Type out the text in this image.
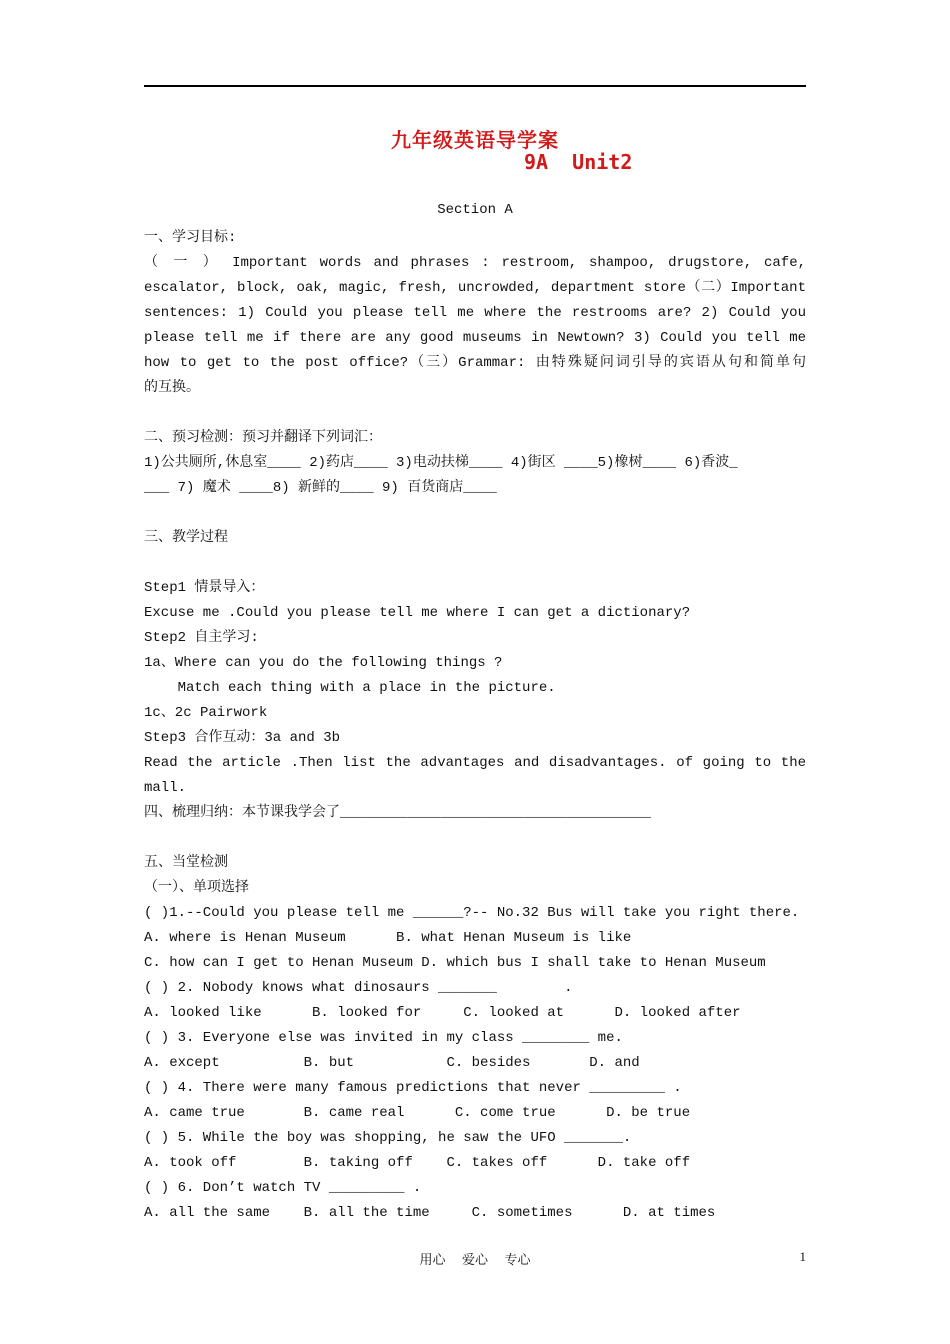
九年级英语导学案
9A  Unit2
Section A
一、学习目标:
（ 一 ） Important words and phrases : restroom, shampoo, drugstore, cafe,
escalator, block, oak, magic, fresh, uncrowded, department store（二）Important
sentences: 1) Could you please tell me where the restrooms are? 2) Could you
please tell me if there are any good museums in Newtown? 3) Could you tell me
how to get to the post office?（三）Grammar: 由特殊疑问词引导的宾语从句和简单句
的互换。
二、预习检测：预习并翻译下列词汇：
1)公共厕所,休息室____ 2)药店____ 3)电动扶梯____ 4)街区 ____5)橡树____ 6)香波_
___ 7) 魔术 ____8) 新鲜的____ 9) 百货商店____
三、教学过程
Step1 情景导入：
Excuse me .Could you please tell me where I can get a dictionary?
Step2 自主学习:
1a、Where can you do the following things ?
Match each thing with a place in the picture.
1c、2c Pairwork
Step3 合作互动：3a and 3b
Read the article .Then list the advantages and disadvantages. of going to the
mall.
四、梳理归纳：本节课我学会了_____________________________________
五、当堂检测
（一）、单项选择
( )1.--Could you please tell me ______?-- No.32 Bus will take you right there.
A. where is Henan Museum      B. what Henan Museum is like
C. how can I get to Henan Museum D. which bus I shall take to Henan Museum
( ) 2. Nobody knows what dinosaurs _______        .
A. looked like      B. looked for     C. looked at      D. looked after
( ) 3. Everyone else was invited in my class ________ me.
A. except          B. but           C. besides       D. and
( ) 4. There were many famous predictions that never _________ .
A. came true       B. came real      C. come true      D. be true
( ) 5. While the boy was shopping, he saw the UFO _______.
A. took off        B. taking off    C. takes off      D. take off
( ) 6. Don’t watch TV _________ .
A. all the same    B. all the time     C. sometimes      D. at times
用心    爱心    专心	1
